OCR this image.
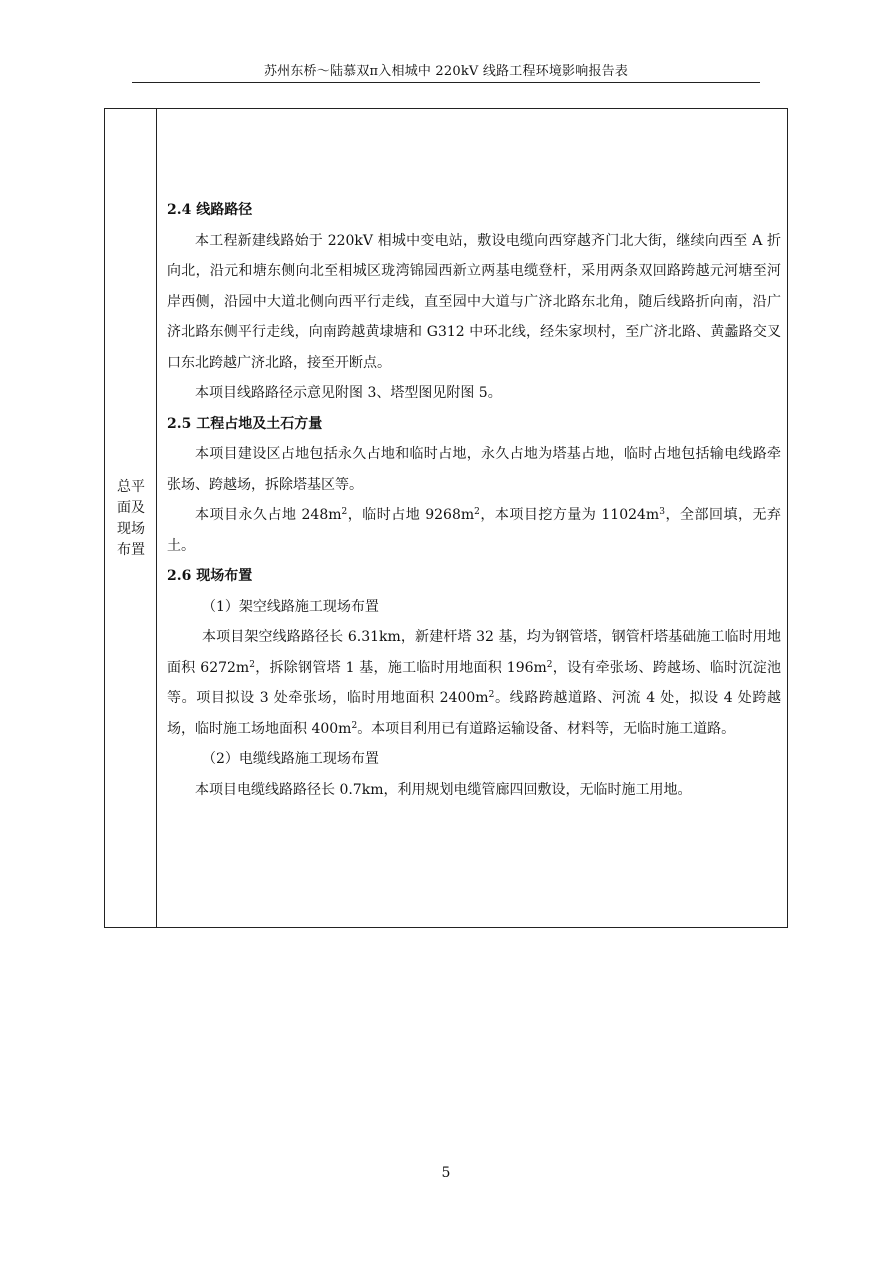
苏州东桥～陆慕双π入相城中 220kV 线路工程环境影响报告表
总平面及现场布置

2.4 线路路径

本工程新建线路始于 220kV 相城中变电站，敷设电缆向西穿越齐门北大街，继续向西至 A 折向北，沿元和塘东侧向北至相城区珑湾锦园西新立两基电缆登杆，采用两条双回路跨越元河塘至河岸西侧，沿园中大道北侧向西平行走线，直至园中大道与广济北路东北角，随后线路折向南，沿广济北路东侧平行走线，向南跨越黄埭塘和 G312 中环北线，经朱家坝村，至广济北路、黄蠡路交叉口东北跨越广济北路，接至开断点。

本项目线路路径示意见附图 3、塔型图见附图 5。

2.5 工程占地及土石方量

本项目建设区占地包括永久占地和临时占地，永久占地为塔基占地，临时占地包括输电线路牵张场、跨越场，拆除塔基区等。

本项目永久占地 $248m^2$，临时占地 $9268m^2$，本项目挖方量为 $11024m^3$，全部回填，无弃土。

2.6 现场布置

（1）架空线路施工现场布置

本项目架空线路路径长 6.31km，新建杆塔 32 基，均为钢管塔，钢管杆塔基础施工临时用地面积 $6272m^2$，拆除钢管塔 1 基，施工临时用地面积 $196m^2$，设有牵张场、跨越场、临时沉淀池等。项目拟设 3 处牵张场，临时用地面积 $2400m^2$。线路跨越道路、河流 4 处，拟设 4 处跨越场，临时施工场地面积 $400m^2$。本项目利用已有道路运输设备、材料等，无临时施工道路。

（2）电缆线路施工现场布置

本项目电缆线路路径长 0.7km，利用规划电缆管廊四回敷设，无临时施工用地。

5
